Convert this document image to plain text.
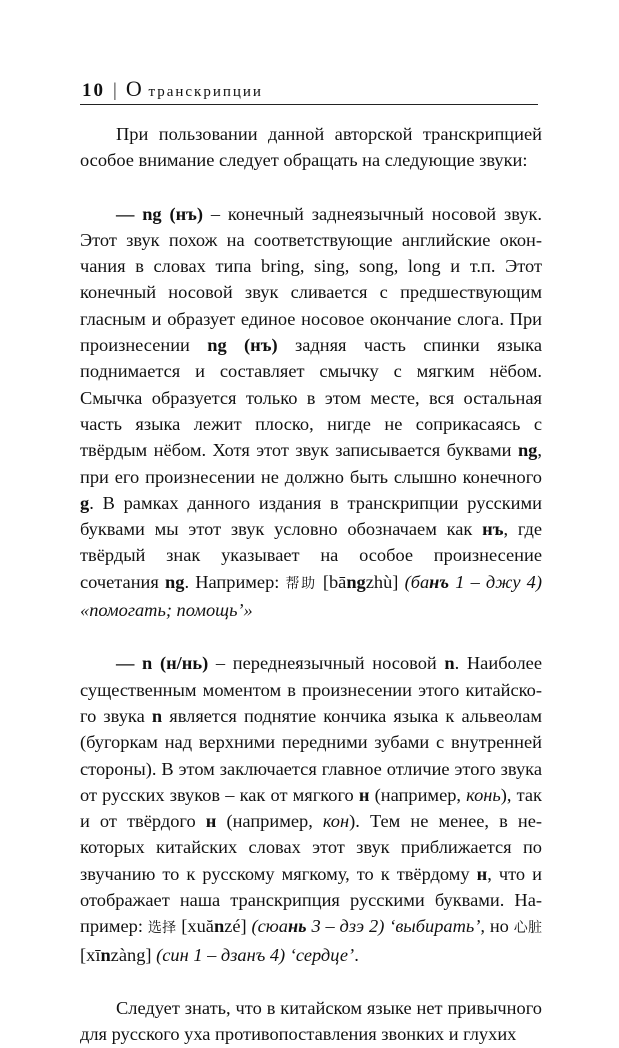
10 | О транскрипции

При пользовании данной авторской транскрипцией особое внимание следует обращать на следующие звуки:

— ng (нъ) – конечный заднеязычный носовой звук. Этот звук похож на соответствующие английские окончания в словах типа bring, sing, song, long и т.п. Этот конечный носовой звук сливается с предшествующим гласным и образует единое носовое окончание слога. При произнесении ng (нъ) задняя часть спинки языка поднимается и составляет смычку с мягким нёбом. Смычка образуется только в этом месте, вся остальная часть языка лежит плоско, нигде не соприкасаясь с твёрдым нёбом. Хотя этот звук записывается буквами ng, при его произнесении не должно быть слышно конечного g. В рамках данного издания в транскрипции русскими буквами мы этот звук условно обозначаем как нъ, где твёрдый знак указывает на особое произнесение сочетания ng. Например: 帮助 [bāngzhù] (банъ 1 – джу 4) «помогать; помощь’»

— n (н/нь) – переднеязычный носовой n. Наиболее существенным моментом в произнесении этого китайского звука n является поднятие кончика языка к альвеолам (бугоркам над верхними передними зубами с внутренней стороны). В этом заключается главное отличие этого звука от русских звуков – как от мягкого н (например, конь), так и от твёрдого н (например, кон). Тем не менее, в некоторых китайских словах этот звук приближается по звучанию то к русскому мягкому, то к твёрдому н, что и отображает наша транскрипция русскими буквами. Например: 选择 [xuănzé] (сюань 3 – дзэ 2) ‘выбирать’, но 心脏 [xīnzàng] (син 1 – дзанъ 4) ‘сердце’.

Следует знать, что в китайском языке нет привычного для русского уха противопоставления звонких и глухих
